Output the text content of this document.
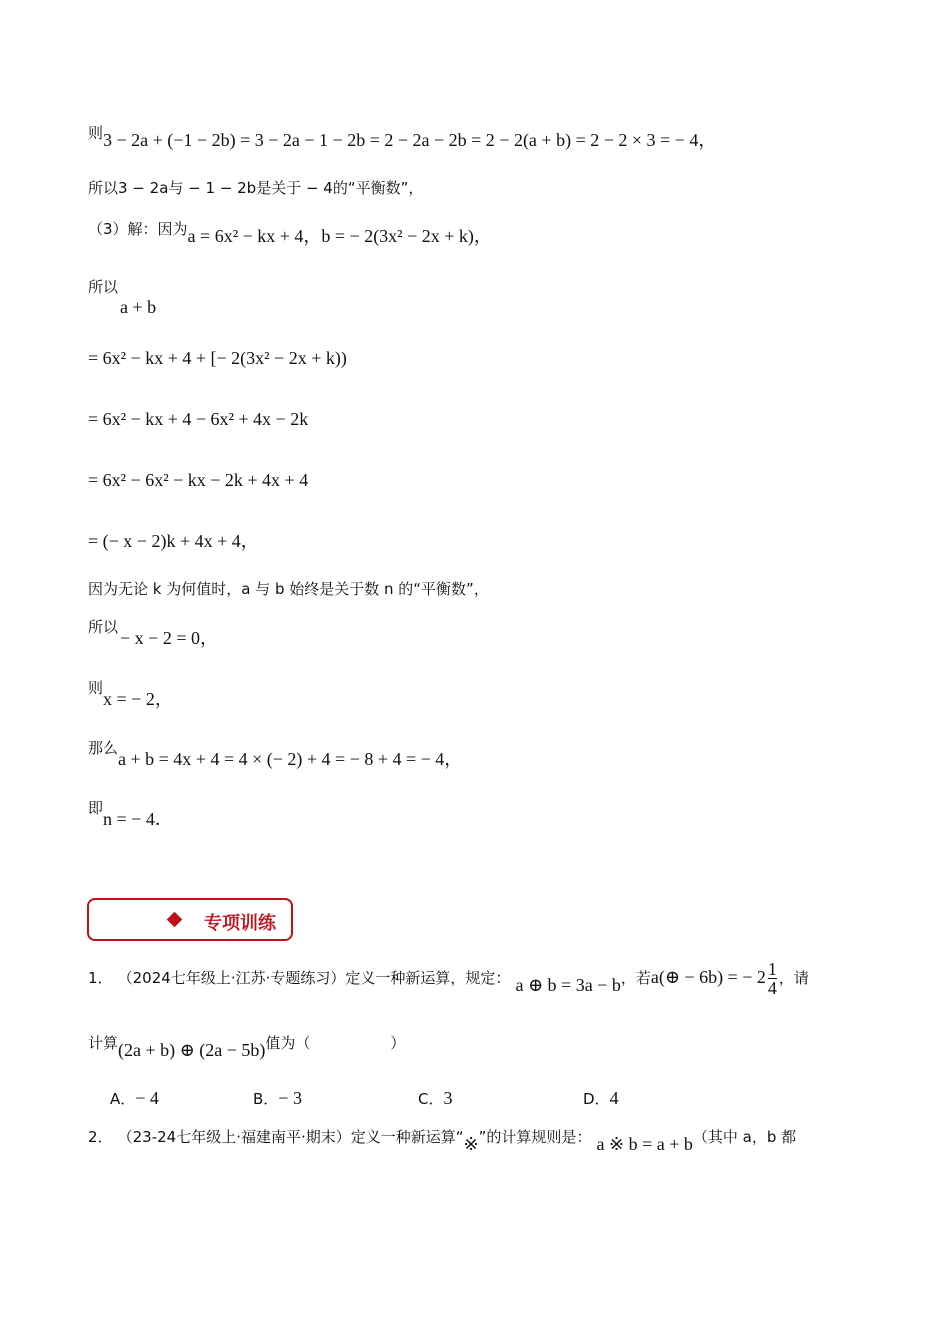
则3 − 2a + (−1 − 2b) = 3 − 2a − 1 − 2b = 2 − 2a − 2b = 2 − 2(a + b) = 2 − 2 × 3 = − 4，
所以3 − 2a与 − 1 − 2b是关于 − 4的“平衡数”，
（3）解：因为a = 6x² − kx + 4，b = − 2(3x² − 2x + k)，
所以
a + b
= 6x² − kx + 4 + [− 2(3x² − 2x + k))
= 6x² − kx + 4 − 6x² + 4x − 2k
= 6x² − 6x² − kx − 2k + 4x + 4
= (− x − 2)k + 4x + 4，
因为无论 k 为何值时，a 与 b 始终是关于数 n 的“平衡数”，
所以− x − 2 = 0，
则x = − 2，
那么a + b = 4x + 4 = 4 × (− 2) + 4 = − 8 + 4 = − 4，
即n = − 4．
专项训练
1． （2024七年级上·江苏·专题练习）定义一种新运算，规定： a ⊕ b = 3a − b，若a(⊕ − 6b) = − $2 \frac{1}{4}$ ，请
计算(2a + b) ⊕ (2a − 5b)值为（	）
A．− 4	B．− 3	C．3	D．4
2． （23-24七年级上·福建南平·期末）定义一种新运算“※”的计算规则是： a ※ b = a + b（其中 a，b 都
